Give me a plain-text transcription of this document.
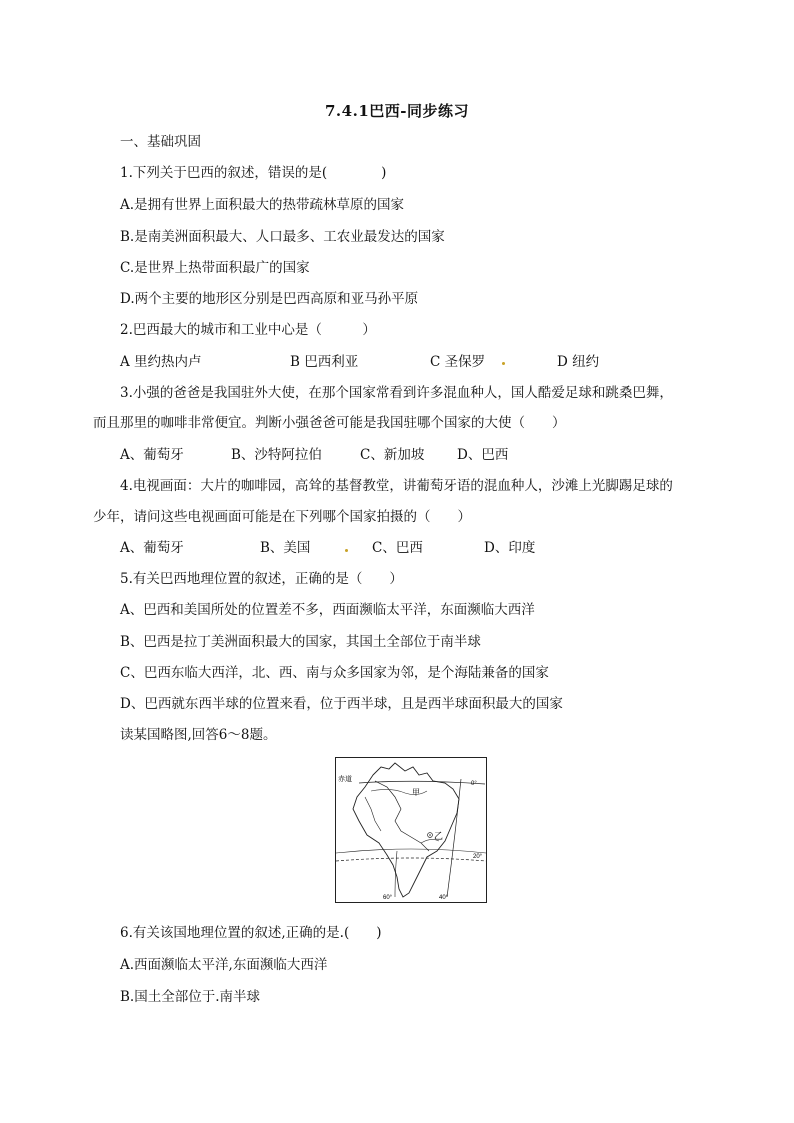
7.4.1巴西-同步练习
一、基础巩固
1.下列关于巴西的叙述，错误的是(　　　　)
A.是拥有世界上面积最大的热带疏林草原的国家
B.是南美洲面积最大、人口最多、工农业最发达的国家
C.是世界上热带面积最广的国家
D.两个主要的地形区分别是巴西高原和亚马孙平原
2.巴西最大的城市和工业中心是（　　　）
A 里约热内卢	B 巴西利亚	C 圣保罗	D 纽约
3.小强的爸爸是我国驻外大使，在那个国家常看到许多混血种人，国人酷爱足球和跳桑巴舞，
而且那里的咖啡非常便宜。判断小强爸爸可能是我国驻哪个国家的大使（　　）
A、葡萄牙	B、沙特阿拉伯	C、新加坡 D、巴西
4.电视画面：大片的咖啡园，高耸的基督教堂，讲葡萄牙语的混血种人，沙滩上光脚踢足球的
少年，请问这些电视画面可能是在下列哪个国家拍摄的（　　）
A、葡萄牙	B、美国	C、巴西	D、印度
5.有关巴西地理位置的叙述，正确的是（　　）
A、巴西和美国所处的位置差不多，西面濒临太平洋，东面濒临大西洋
B、巴西是拉丁美洲面积最大的国家，其国土全部位于南半球
C、巴西东临大西洋，北、西、南与众多国家为邻，是个海陆兼备的国家
D、巴西就东西半球的位置来看，位于西半球，且是西半球面积最大的国家
读某国略图,回答6～8题。
赤道
0°
20°
60°	40°
甲
乙
6.有关该国地理位置的叙述,正确的是.(　　)
A.西面濒临太平洋,东面濒临大西洋
B.国土全部位于.南半球
